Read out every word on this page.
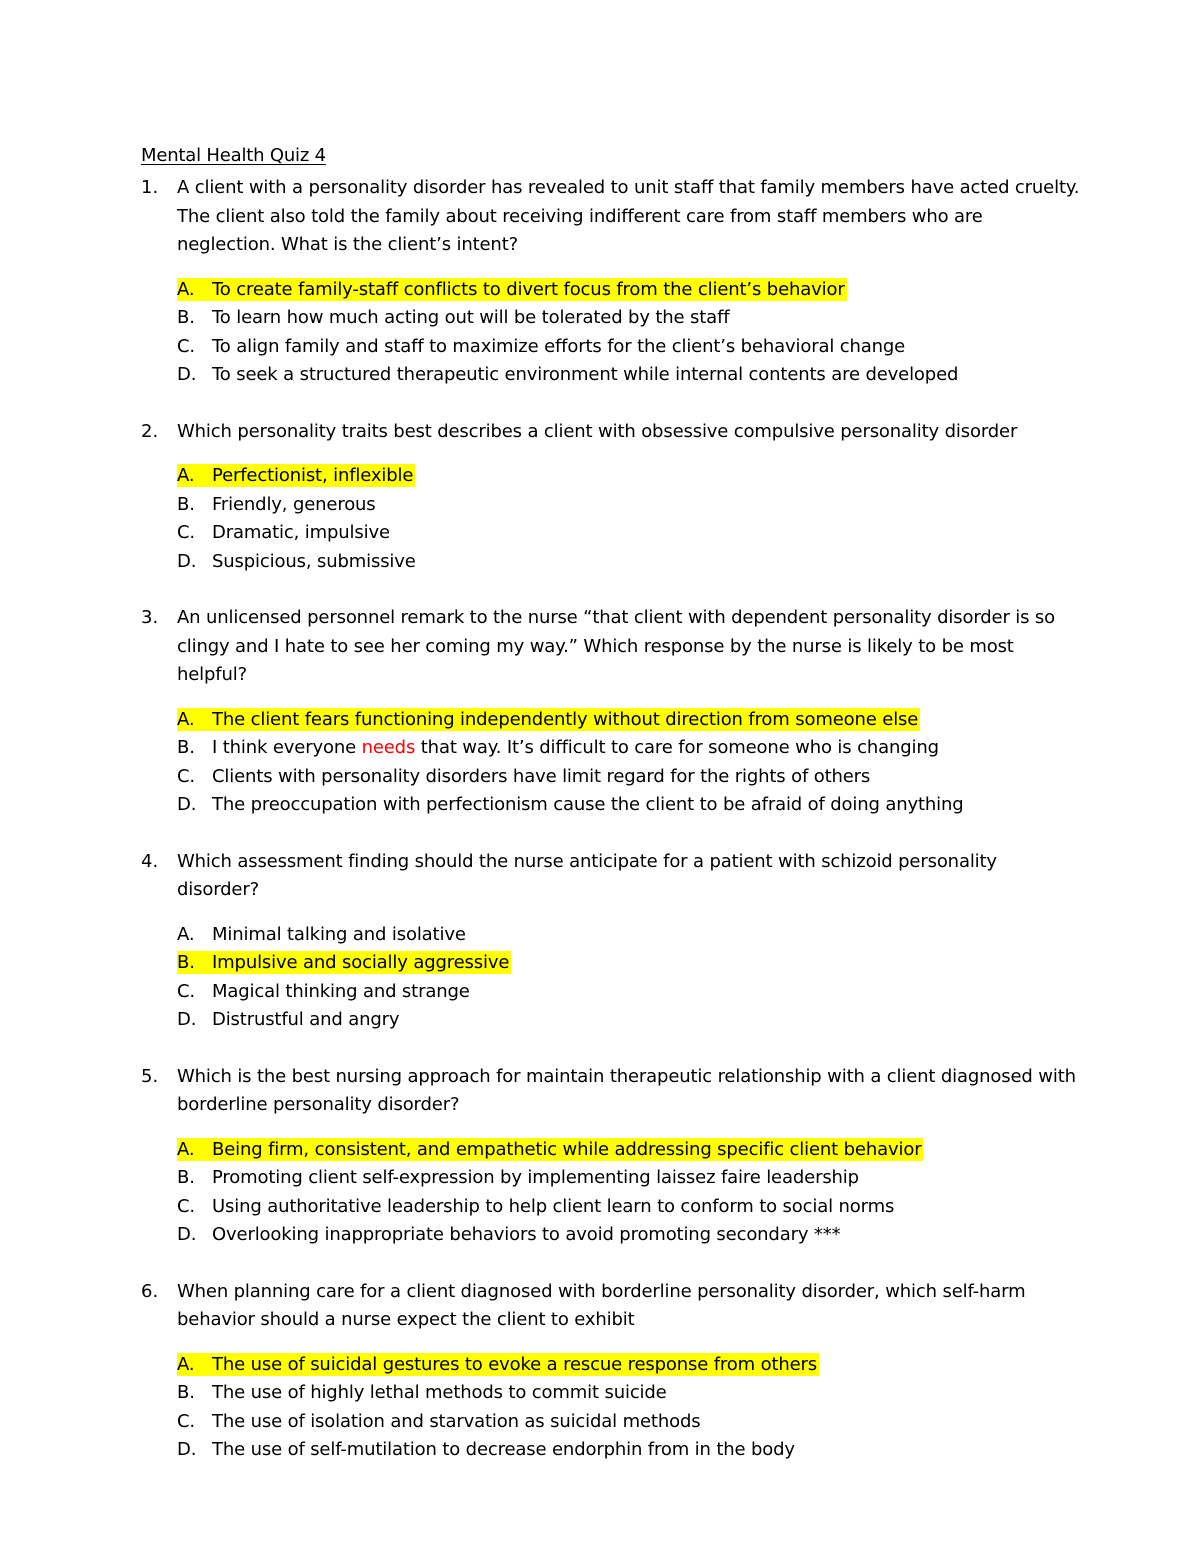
Mental Health Quiz 4
1.	A client with a personality disorder has revealed to unit staff that family members have acted cruelty. The client also told the family about receiving indifferent care from staff members who are neglection. What is the client’s intent?
A. To create family-staff conflicts to divert focus from the client’s behavior
B. To learn how much acting out will be tolerated by the staff
C. To align family and staff to maximize efforts for the client’s behavioral change
D. To seek a structured therapeutic environment while internal contents are developed
2.	Which personality traits best describes a client with obsessive compulsive personality disorder
A. Perfectionist, inflexible
B. Friendly, generous
C. Dramatic, impulsive
D. Suspicious, submissive
3.	An unlicensed personnel remark to the nurse “that client with dependent personality disorder is so clingy and I hate to see her coming my way.” Which response by the nurse is likely to be most helpful?
A. The client fears functioning independently without direction from someone else
B. I think everyone needs that way. It’s difficult to care for someone who is changing
C. Clients with personality disorders have limit regard for the rights of others
D. The preoccupation with perfectionism cause the client to be afraid of doing anything
4.	Which assessment finding should the nurse anticipate for a patient with schizoid personality disorder?
A. Minimal talking and isolative
B. Impulsive and socially aggressive
C. Magical thinking and strange
D. Distrustful and angry
5.	Which is the best nursing approach for maintain therapeutic relationship with a client diagnosed with borderline personality disorder?
A. Being firm, consistent, and empathetic while addressing specific client behavior
B. Promoting client self-expression by implementing laissez faire leadership
C. Using authoritative leadership to help client learn to conform to social norms
D. Overlooking inappropriate behaviors to avoid promoting secondary ***
6.	When planning care for a client diagnosed with borderline personality disorder, which self-harm behavior should a nurse expect the client to exhibit
A. The use of suicidal gestures to evoke a rescue response from others
B. The use of highly lethal methods to commit suicide
C. The use of isolation and starvation as suicidal methods
D. The use of self-mutilation to decrease endorphin from in the body
